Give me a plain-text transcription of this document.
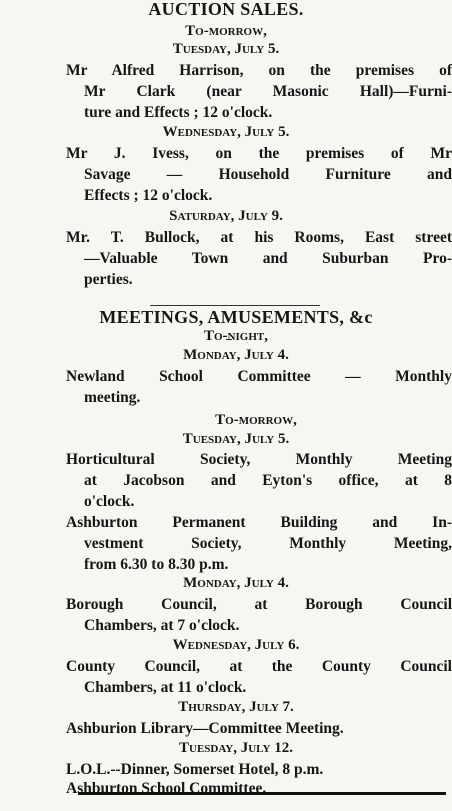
AUCTION SALES.
To-morrow,
Tuesday, July 5.
Mr Alfred Harrison, on the premises of
Mr Clark (near Masonic Hall)—Furni-
ture and Effects ; 12 o'clock.
Wednesday, July 5.
Mr J. Ivess, on the premises of Mr
Savage — Household Furniture and
Effects ; 12 o'clock.
Saturday, July 9.
Mr. T. Bullock, at his Rooms, East street
—Valuable Town and Suburban Pro-
perties.
MEETINGS, AMUSEMENTS, &c
To-night,
Monday, July 4.
Newland School Committee — Monthly
meeting.
To-morrow,
Tuesday, July 5.
Horticultural Society, Monthly Meeting
at Jacobson and Eyton's office, at 8
o'clock.
Ashburton Permanent Building and In-
vestment Society, Monthly Meeting,
from 6.30 to 8.30 p.m.
Monday, July 4.
Borough Council, at Borough Council
Chambers, at 7 o'clock.
Wednesday, July 6.
County Council, at the County Council
Chambers, at 11 o'clock.
Thursday, July 7.
Ashburion Library—Committee Meeting.
Tuesday, July 12.
L.O.L.--Dinner, Somerset Hotel, 8 p.m.
Ashburton School Committee.
